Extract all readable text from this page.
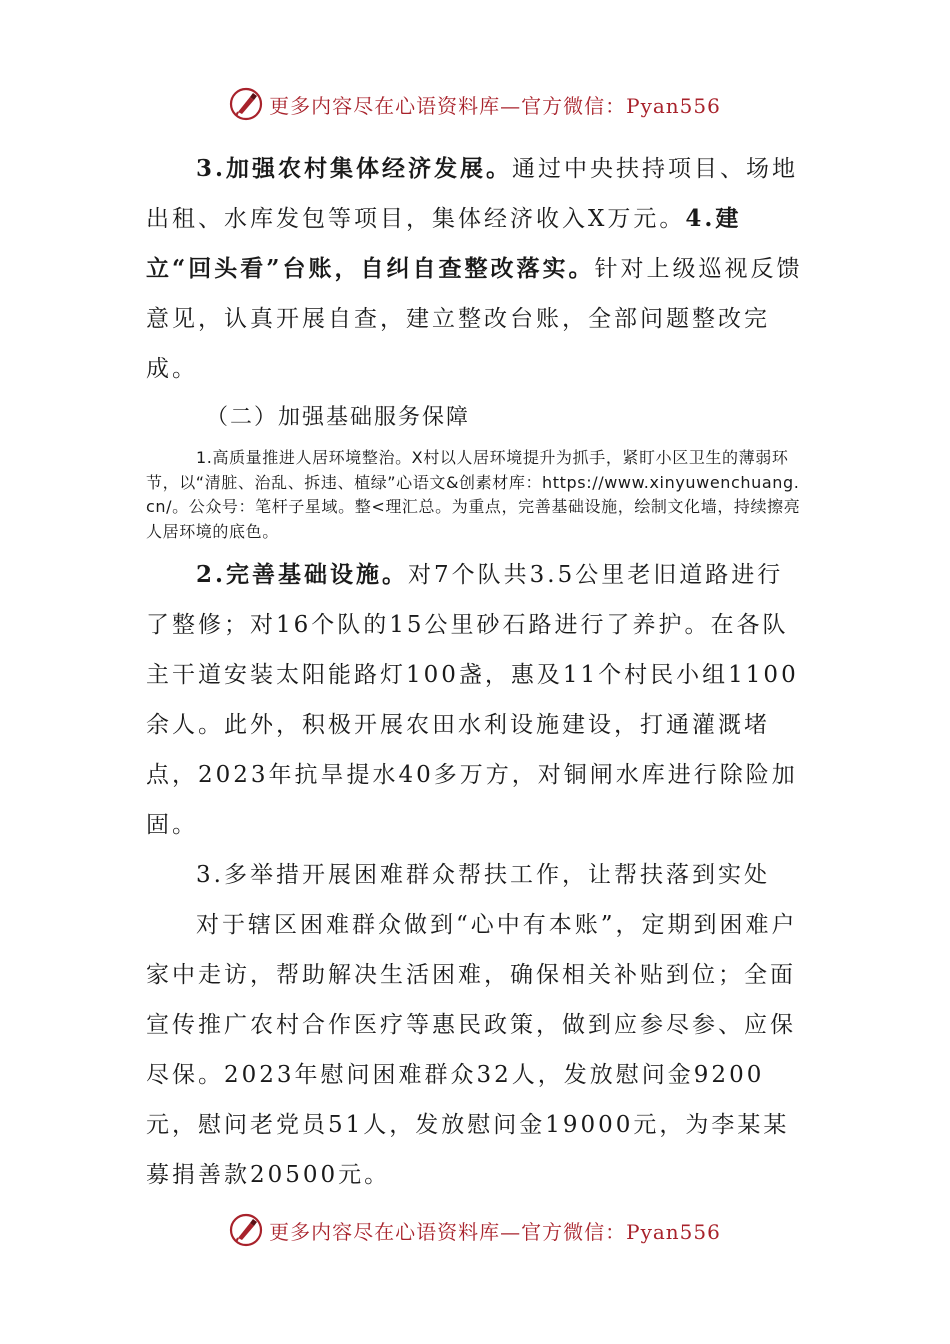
更多内容尽在心语资料库—官方微信：Pyan556

3.加强农村集体经济发展。通过中央扶持项目、场地出租、水库发包等项目，集体经济收入X万元。4.建立“回头看”台账，自纠自查整改落实。针对上级巡视反馈意见，认真开展自查，建立整改台账，全部问题整改完成。

（二）加强基础服务保障

1.高质量推进人居环境整治。X村以人居环境提升为抓手，紧盯小区卫生的薄弱环节，以“清脏、治乱、拆违、植绿”心语文&创素材库：https://www.xinyuwenchuang.cn/。公众号：笔杆子星域。整<理汇总。为重点，完善基础设施，绘制文化墙，持续擦亮人居环境的底色。

2.完善基础设施。对7个队共3.5公里老旧道路进行了整修；对16个队的15公里砂石路进行了养护。在各队主干道安装太阳能路灯100盏，惠及11个村民小组1100余人。此外，积极开展农田水利设施建设，打通灌溉堵点，2023年抗旱提水40多万方，对铜闸水库进行除险加固。

3.多举措开展困难群众帮扶工作，让帮扶落到实处

对于辖区困难群众做到“心中有本账”，定期到困难户家中走访，帮助解决生活困难，确保相关补贴到位；全面宣传推广农村合作医疗等惠民政策，做到应参尽参、应保尽保。2023年慰问困难群众32人，发放慰问金9200元，慰问老党员51人，发放慰问金19000元，为李某某募捐善款20500元。

更多内容尽在心语资料库—官方微信：Pyan556
